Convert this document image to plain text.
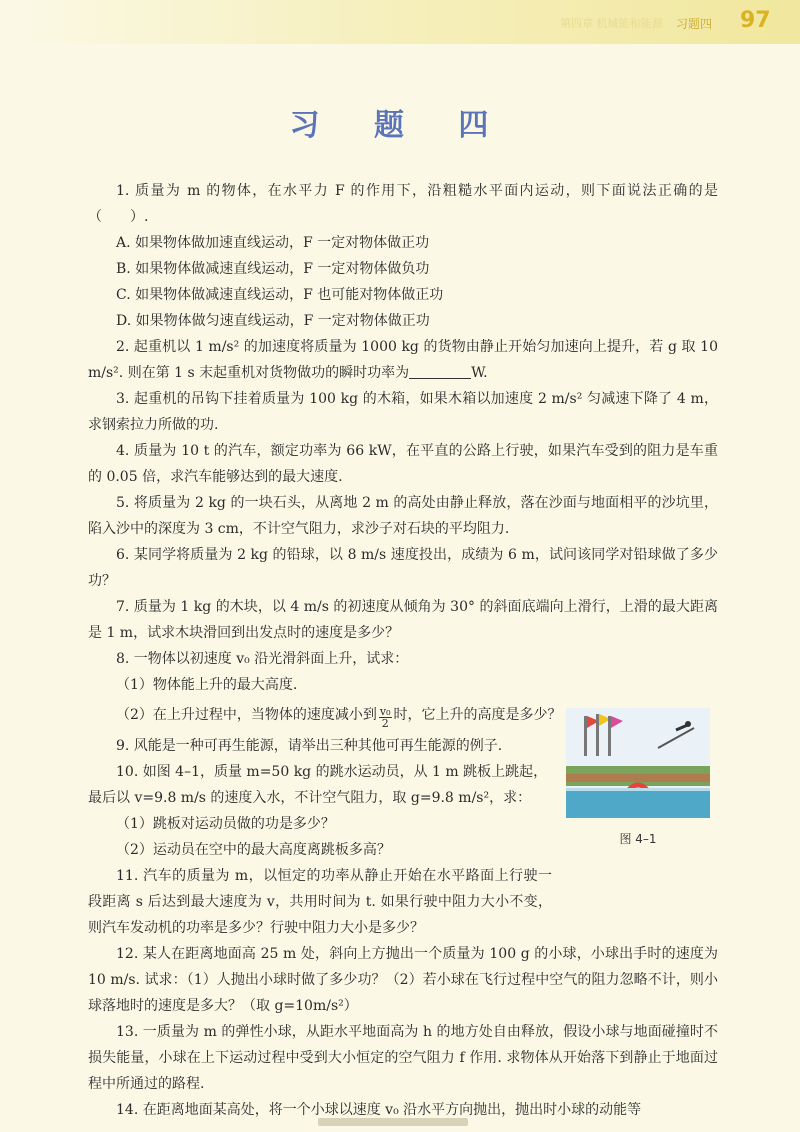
第四章 机械能和能源 习题四 97
习 题 四

1. 质量为 m 的物体，在水平力 F 的作用下，沿粗糙水平面内运动，则下面说法正确的是（　　）.

A. 如果物体做加速直线运动，F 一定对物体做正功

B. 如果物体做减速直线运动，F 一定对物体做负功

C. 如果物体做减速直线运动，F 也可能对物体做正功

D. 如果物体做匀速直线运动，F 一定对物体做正功

2. 起重机以 1 m/s² 的加速度将质量为 1000 kg 的货物由静止开始匀加速向上提升，若 g 取 10 m/s². 则在第 1 s 末起重机对货物做功的瞬时功率为	W.

3. 起重机的吊钩下挂着质量为 100 kg 的木箱，如果木箱以加速度 2 m/s² 匀减速下降了 4 m，求钢索拉力所做的功.

4. 质量为 10 t 的汽车，额定功率为 66 kW，在平直的公路上行驶，如果汽车受到的阻力是车重的 0.05 倍，求汽车能够达到的最大速度.

5. 将质量为 2 kg 的一块石头，从离地 2 m 的高处由静止释放，落在沙面与地面相平的沙坑里，陷入沙中的深度为 3 cm，不计空气阻力，求沙子对石块的平均阻力.

6. 某同学将质量为 2 kg 的铅球，以 8 m/s 速度投出，成绩为 6 m，试问该同学对铅球做了多少功？

7. 质量为 1 kg 的木块，以 4 m/s 的初速度从倾角为 30° 的斜面底端向上滑行，上滑的最大距离是 1 m，试求木块滑回到出发点时的速度是多少？

8. 一物体以初速度 v₀ 沿光滑斜面上升，试求：

（1）物体能上升的最大高度.

（2）在上升过程中，当物体的速度减小到 $\frac{\text{v₀}}{2}$ 时，它上升的高度是多少？

9. 风能是一种可再生能源，请举出三种其他可再生能源的例子.

10. 如图 4–1，质量 m=50 kg 的跳水运动员，从 1 m 跳板上跳起，

最后以 v=9.8 m/s 的速度入水，不计空气阻力，取 g=9.8 m/s²，求：

（1）跳板对运动员做的功是多少？

（2）运动员在空中的最大高度离跳板多高？

11. 汽车的质量为 m，以恒定的功率从静止开始在水平路面上行驶一段距离 s 后达到最大速度为 v，共用时间为 t. 如果行驶中阻力大小不变，则汽车发动机的功率是多少？行驶中阻力大小是多少？

12. 某人在距离地面高 25 m 处，斜向上方抛出一个质量为 100 g 的小球，小球出手时的速度为 10 m/s. 试求：（1）人抛出小球时做了多少功？（2）若小球在飞行过程中空气的阻力忽略不计，则小球落地时的速度是多大？（取 g=10m/s²）

13. 一质量为 m 的弹性小球，从距水平地面高为 h 的地方处自由释放，假设小球与地面碰撞时不损失能量，小球在上下运动过程中受到大小恒定的空气阻力 f 作用. 求物体从开始落下到静止于地面过程中所通过的路程.

14. 在距离地面某高处，将一个小球以速度 v₀ 沿水平方向抛出，抛出时小球的动能等

图 4–1
